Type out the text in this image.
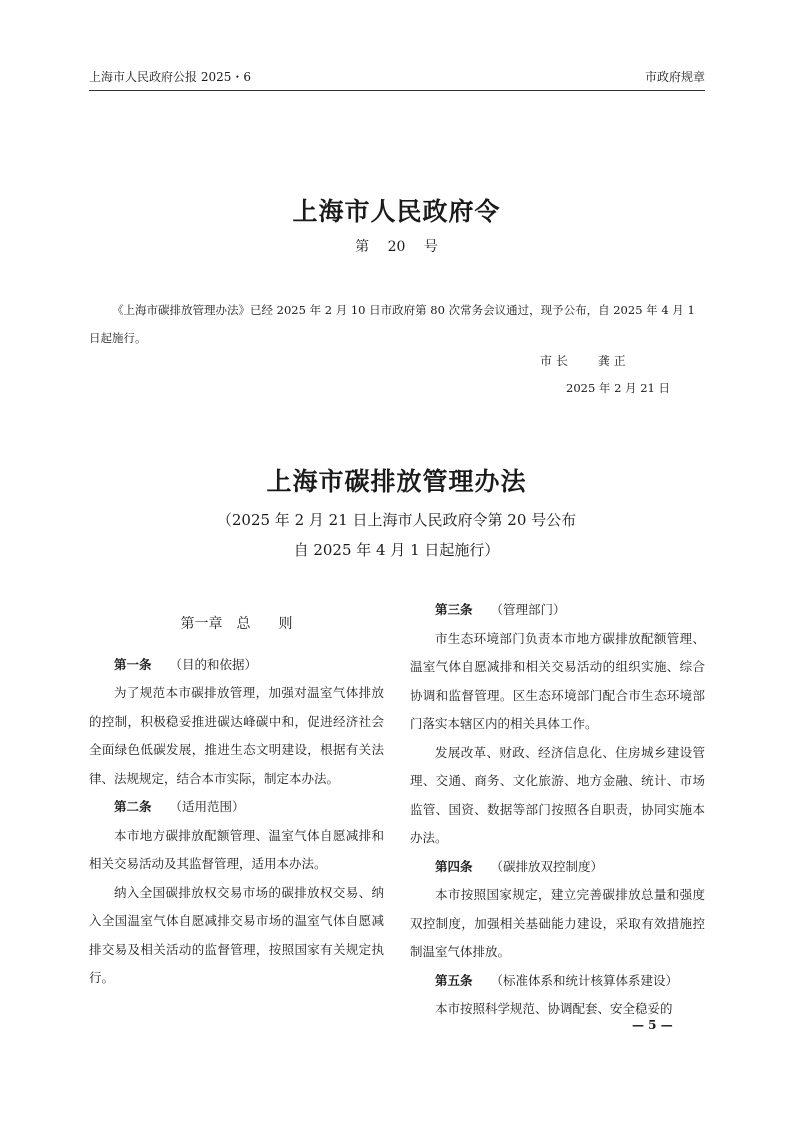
上海市人民政府公报 2025・6	市政府规章
上海市人民政府令
第 20 号
《上海市碳排放管理办法》已经 2025 年 2 月 10 日市政府第 80 次常务会议通过，现予公布，自 2025 年 4 月 1 日起施行。
市 长	龚 正
2025 年 2 月 21 日
上海市碳排放管理办法
（2025 年 2 月 21 日上海市人民政府令第 20 号公布
自 2025 年 4 月 1 日起施行）
第一章　总　　则

第一条 （目的和依据）

为了规范本市碳排放管理，加强对温室气体排放的控制，积极稳妥推进碳达峰碳中和，促进经济社会全面绿色低碳发展，推进生态文明建设，根据有关法律、法规规定，结合本市实际，制定本办法。

第二条 （适用范围）

本市地方碳排放配额管理、温室气体自愿减排和相关交易活动及其监督管理，适用本办法。

纳入全国碳排放权交易市场的碳排放权交易、纳入全国温室气体自愿减排交易市场的温室气体自愿减排交易及相关活动的监督管理，按照国家有关规定执行。

第三条 （管理部门）

市生态环境部门负责本市地方碳排放配额管理、温室气体自愿减排和相关交易活动的组织实施、综合协调和监督管理。区生态环境部门配合市生态环境部门落实本辖区内的相关具体工作。

发展改革、财政、经济信息化、住房城乡建设管理、交通、商务、文化旅游、地方金融、统计、市场监管、国资、数据等部门按照各自职责，协同实施本办法。

第四条 （碳排放双控制度）

本市按照国家规定，建立完善碳排放总量和强度双控制度，加强相关基础能力建设，采取有效措施控制温室气体排放。

第五条 （标准体系和统计核算体系建设）

本市按照科学规范、协调配套、安全稳妥的

— 5 —
